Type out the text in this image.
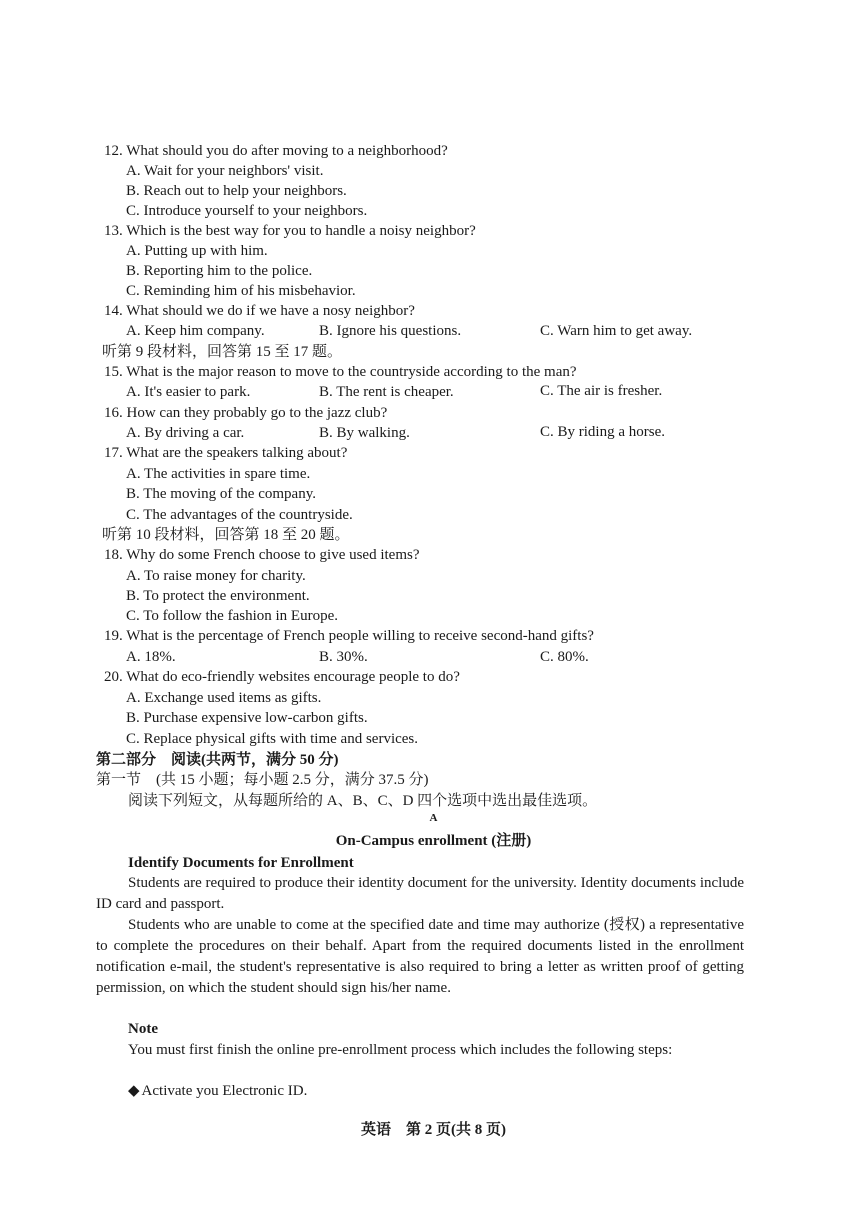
12. What should you do after moving to a neighborhood?
A. Wait for your neighbors' visit.
B. Reach out to help your neighbors.
C. Introduce yourself to your neighbors.
13. Which is the best way for you to handle a noisy neighbor?
A. Putting up with him.
B. Reporting him to the police.
C. Reminding him of his misbehavior.
14. What should we do if we have a nosy neighbor?
A. Keep him company.	B. Ignore his questions.	C. Warn him to get away.
听第 9 段材料，回答第 15 至 17 题。
15. What is the major reason to move to the countryside according to the man?
A. It's easier to park.	B. The rent is cheaper.	C. The air is fresher.
16. How can they probably go to the jazz club?
A. By driving a car.	B. By walking.	C. By riding a horse.
17. What are the speakers talking about?
A. The activities in spare time.
B. The moving of the company.
C. The advantages of the countryside.
听第 10 段材料，回答第 18 至 20 题。
18. Why do some French choose to give used items?
A. To raise money for charity.
B. To protect the environment.
C. To follow the fashion in Europe.
19. What is the percentage of French people willing to receive second-hand gifts?
A. 18%.	B. 30%.	C. 80%.
20. What do eco-friendly websites encourage people to do?
A. Exchange used items as gifts.
B. Purchase expensive low-carbon gifts.
C. Replace physical gifts with time and services.
第二部分　阅读(共两节，满分 50 分)
第一节　(共 15 小题；每小题 2.5 分，满分 37.5 分)
阅读下列短文，从每题所给的 A、B、C、D 四个选项中选出最佳选项。
A
On-Campus enrollment (注册)
Identify Documents for Enrollment
Students are required to produce their identity document for the university. Identity documents include ID card and passport.
Students who are unable to come at the specified date and time may authorize (授权) a representative to complete the procedures on their behalf. Apart from the required documents listed in the enrollment notification e-mail, the student's representative is also required to bring a letter as written proof of getting permission, on which the student should sign his/her name.
Note
You must first finish the online pre-enrollment process which includes the following steps:
◆ Activate you Electronic ID.
英语　第 2 页(共 8 页)
